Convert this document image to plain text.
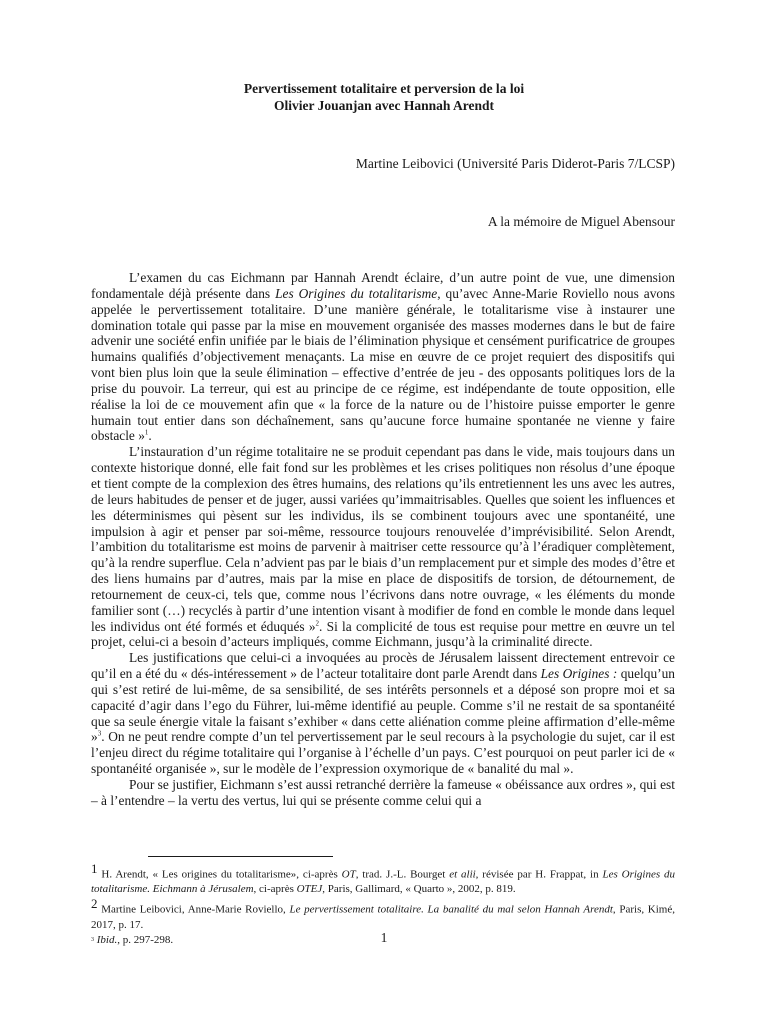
Pervertissement totalitaire et perversion de la loi
Olivier Jouanjan avec Hannah Arendt
Martine Leibovici (Université Paris Diderot-Paris 7/LCSP)
A la mémoire de Miguel Abensour

L’examen du cas Eichmann par Hannah Arendt éclaire, d’un autre point de vue, une dimension fondamentale déjà présente dans Les Origines du totalitarisme, qu’avec Anne-Marie Roviello nous avons appelée le pervertissement totalitaire. D’une manière générale, le totalitarisme vise à instaurer une domination totale qui passe par la mise en mouvement organisée des masses modernes dans le but de faire advenir une société enfin unifiée par le biais de l’élimination physique et censément purificatrice de groupes humains qualifiés d’objectivement menaçants. La mise en œuvre de ce projet requiert des dispositifs qui vont bien plus loin que la seule élimination – effective d’entrée de jeu - des opposants politiques lors de la prise du pouvoir. La terreur, qui est au principe de ce régime, est indépendante de toute opposition, elle réalise la loi de ce mouvement afin que « la force de la nature ou de l’histoire puisse emporter le genre humain tout entier dans son déchaînement, sans qu’aucune force humaine spontanée ne vienne y faire obstacle »$^1$.

L’instauration d’un régime totalitaire ne se produit cependant pas dans le vide, mais toujours dans un contexte historique donné, elle fait fond sur les problèmes et les crises politiques non résolus d’une époque et tient compte de la complexion des êtres humains, des relations qu’ils entretiennent les uns avec les autres, de leurs habitudes de penser et de juger, aussi variées qu’immaitrisables. Quelles que soient les influences et les déterminismes qui pèsent sur les individus, ils se combinent toujours avec une spontanéité, une impulsion à agir et penser par soi-même, ressource toujours renouvelée d’imprévisibilité. Selon Arendt, l’ambition du totalitarisme est moins de parvenir à maitriser cette ressource qu’à l’éradiquer complètement, qu’à la rendre superflue. Cela n’advient pas par le biais d’un remplacement pur et simple des modes d’être et des liens humains par d’autres, mais par la mise en place de dispositifs de torsion, de détournement, de retournement de ceux-ci, tels que, comme nous l’écrivons dans notre ouvrage, « les éléments du monde familier sont (…) recyclés à partir d’une intention visant à modifier de fond en comble le monde dans lequel les individus ont été formés et éduqués »$^2$. Si la complicité de tous est requise pour mettre en œuvre un tel projet, celui-ci a besoin d’acteurs impliqués, comme Eichmann, jusqu’à la criminalité directe.

Les justifications que celui-ci a invoquées au procès de Jérusalem laissent directement entrevoir ce qu’il en a été du « dés-intéressement » de l’acteur totalitaire dont parle Arendt dans Les Origines : quelqu’un qui s’est retiré de lui-même, de sa sensibilité, de ses intérêts personnels et a déposé son propre moi et sa capacité d’agir dans l’ego du Führer, lui-même identifié au peuple. Comme s’il ne restait de sa spontanéité que sa seule énergie vitale la faisant s’exhiber « dans cette aliénation comme pleine affirmation d’elle-même »$^3$. On ne peut rendre compte d’un tel pervertissement par le seul recours à la psychologie du sujet, car il est l’enjeu direct du régime totalitaire qui l’organise à l’échelle d’un pays. C’est pourquoi on peut parler ici de « spontanéité organisée », sur le modèle de l’expression oxymorique de « banalité du mal ».

Pour se justifier, Eichmann s’est aussi retranché derrière la fameuse « obéissance aux ordres », qui est – à l’entendre – la vertu des vertus, lui qui se présente comme celui qui a

$^1$ H. Arendt, « Les origines du totalitarisme», ci-après OT, trad. J.-L. Bourget et alii, révisée par H. Frappat, in Les Origines du totalitarisme. Eichmann à Jérusalem, ci-après OTEJ, Paris, Gallimard, « Quarto », 2002, p. 819.
$^2$ Martine Leibovici, Anne-Marie Roviello, Le pervertissement totalitaire. La banalité du mal selon Hannah Arendt, Paris, Kimé, 2017, p. 17.
$^3$ Ibid., p. 297-298.	1
